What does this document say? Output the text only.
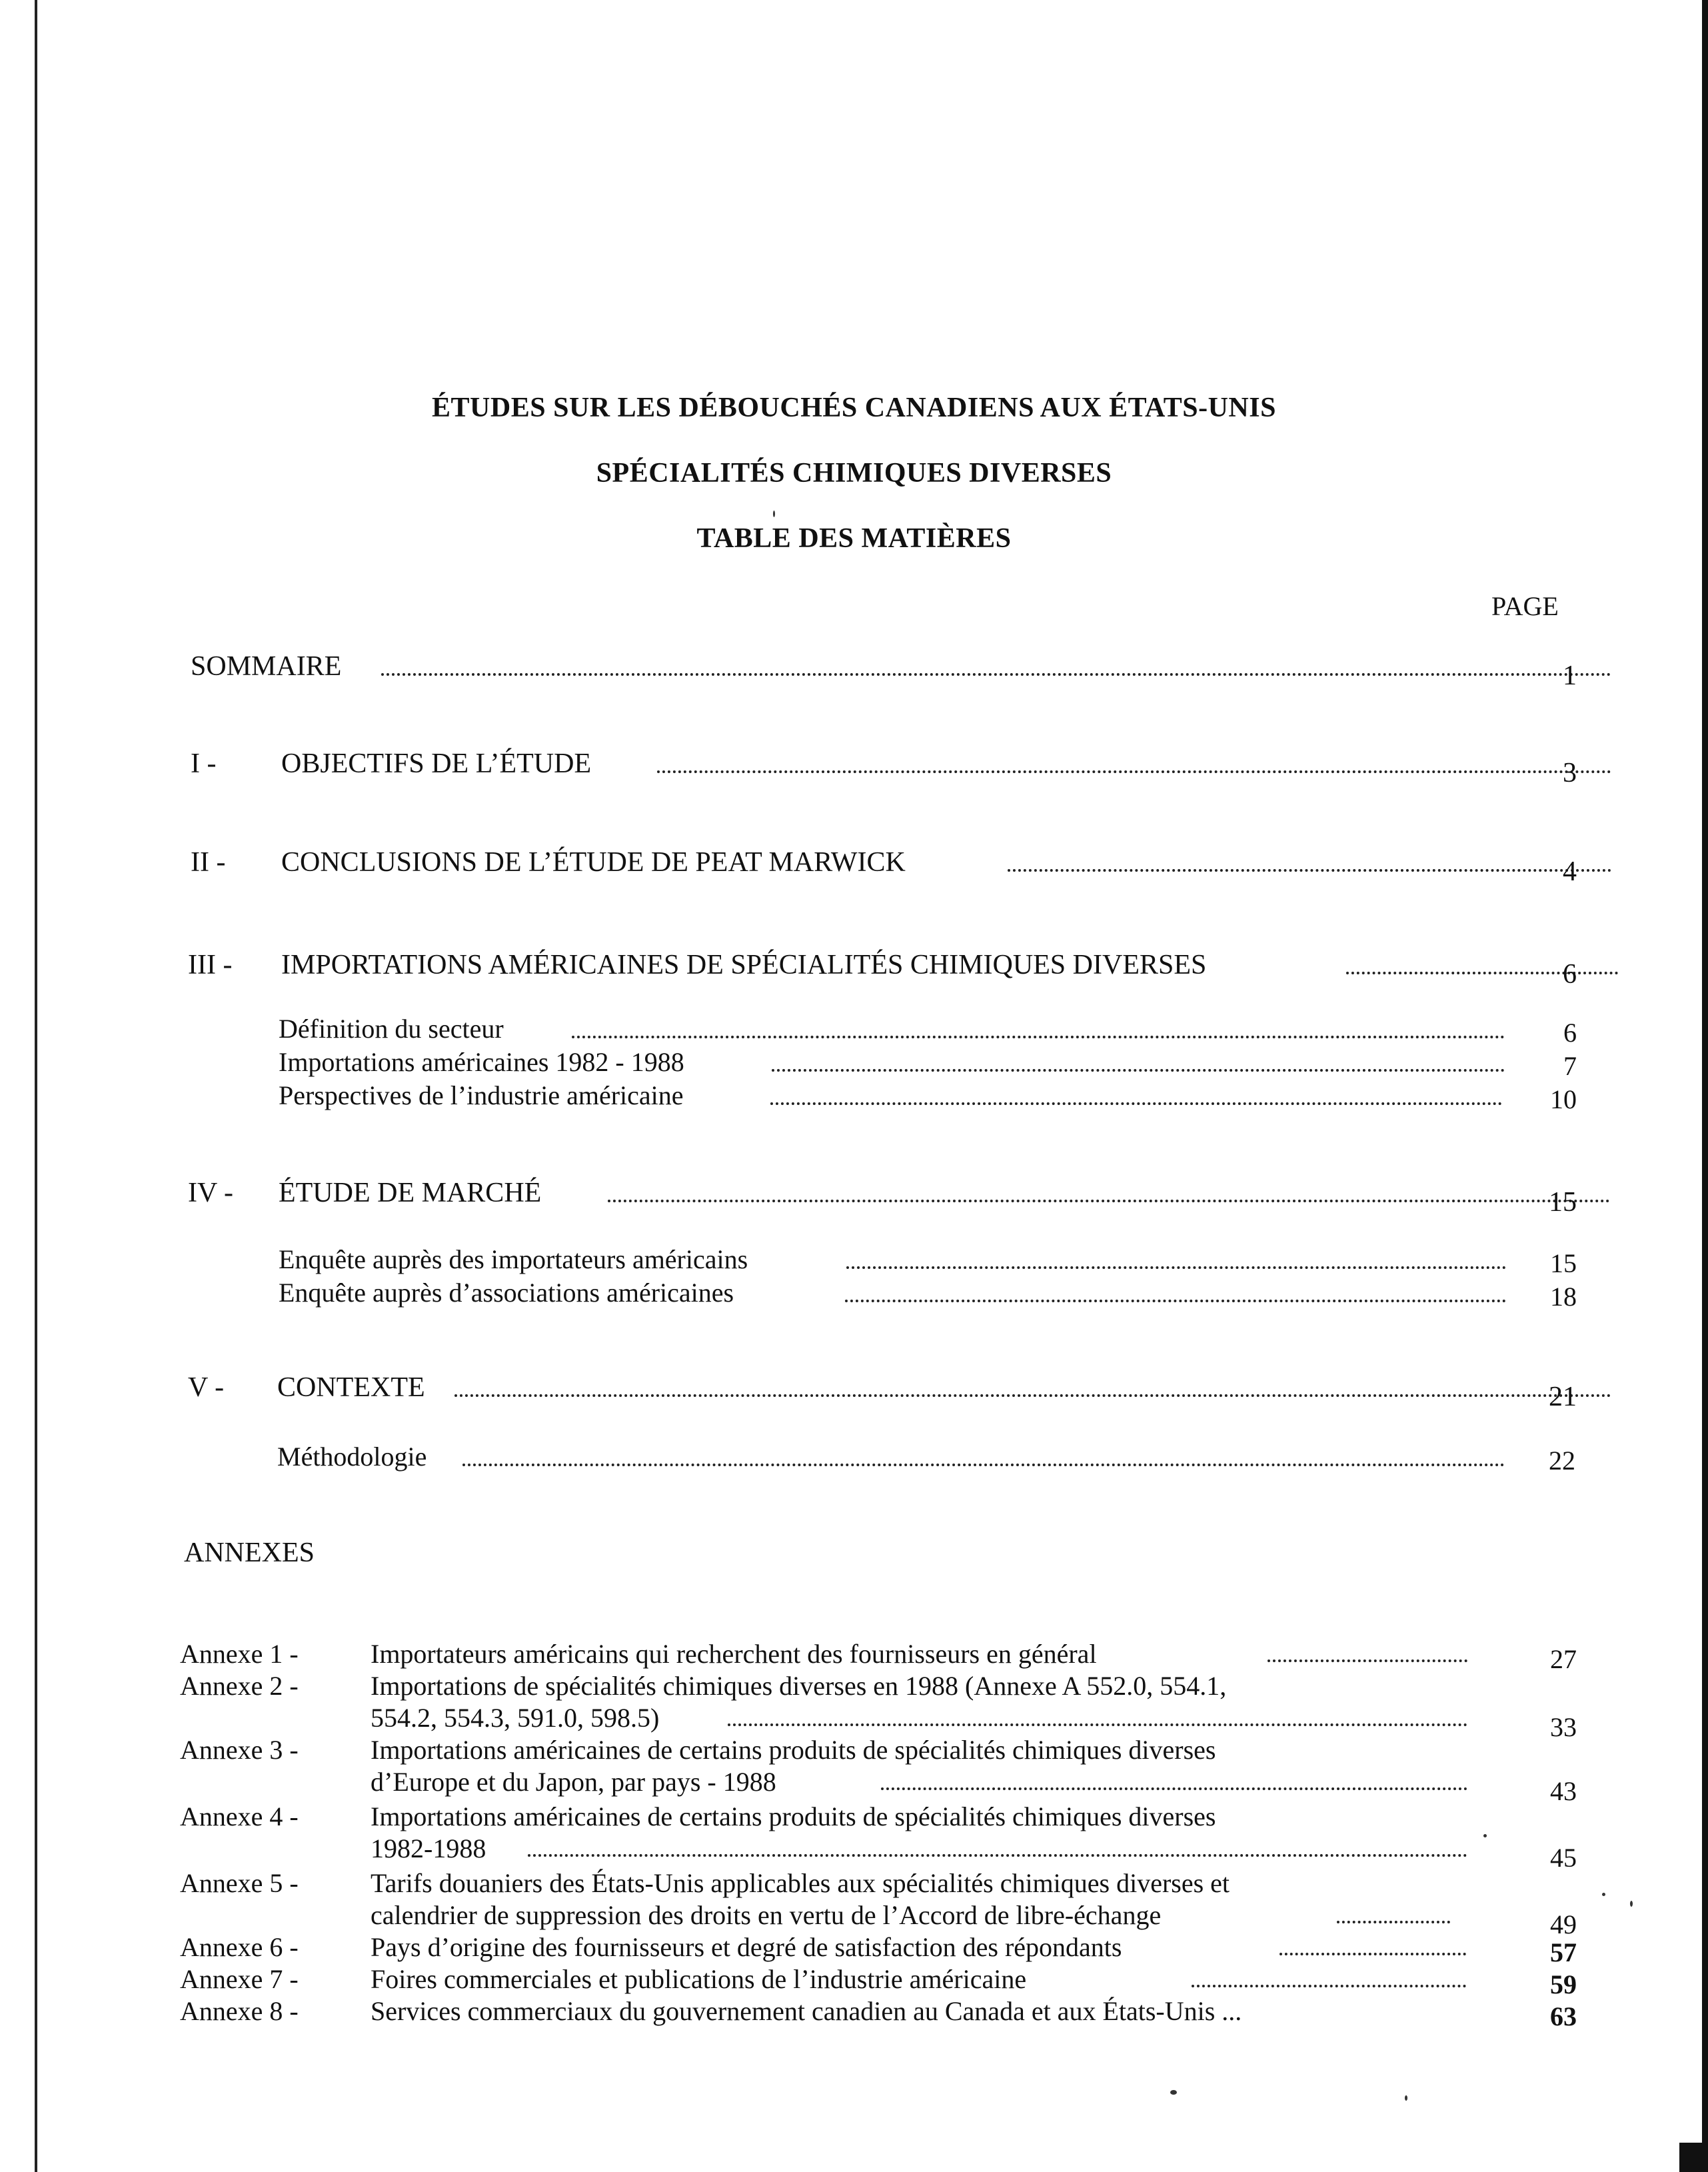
ÉTUDES SUR LES DÉBOUCHÉS CANADIENS AUX ÉTATS-UNIS
SPÉCIALITÉS CHIMIQUES DIVERSES
TABLE DES MATIÈRES
PAGE
SOMMAIRE	1
I - OBJECTIFS DE L’ÉTUDE	3
II - CONCLUSIONS DE L’ÉTUDE DE PEAT MARWICK	4
III - IMPORTATIONS AMÉRICAINES DE SPÉCIALITÉS CHIMIQUES DIVERSES	6
Définition du secteur	6
Importations américaines 1982 - 1988	7
Perspectives de l’industrie américaine	10
IV - ÉTUDE DE MARCHÉ	15
Enquête auprès des importateurs américains	15
Enquête auprès d’associations américaines	18
V - CONTEXTE	21
Méthodologie	22
ANNEXES
Annexe 1 -	Importateurs américains qui recherchent des fournisseurs en général	27
Annexe 2 -	Importations de spécialités chimiques diverses en 1988 (Annexe A 552.0, 554.1,
554.2, 554.3, 591.0, 598.5)	33
Annexe 3 -	Importations américaines de certains produits de spécialités chimiques diverses
d’Europe et du Japon, par pays - 1988	43
Annexe 4 -	Importations américaines de certains produits de spécialités chimiques diverses
1982-1988	45
Annexe 5 -	Tarifs douaniers des États-Unis applicables aux spécialités chimiques diverses et
calendrier de suppression des droits en vertu de l’Accord de libre-échange	49
Annexe 6 -	Pays d’origine des fournisseurs et degré de satisfaction des répondants	57
Annexe 7 -	Foires commerciales et publications de l’industrie américaine	59
Annexe 8 -	Services commerciaux du gouvernement canadien au Canada et aux États-Unis ...	63
